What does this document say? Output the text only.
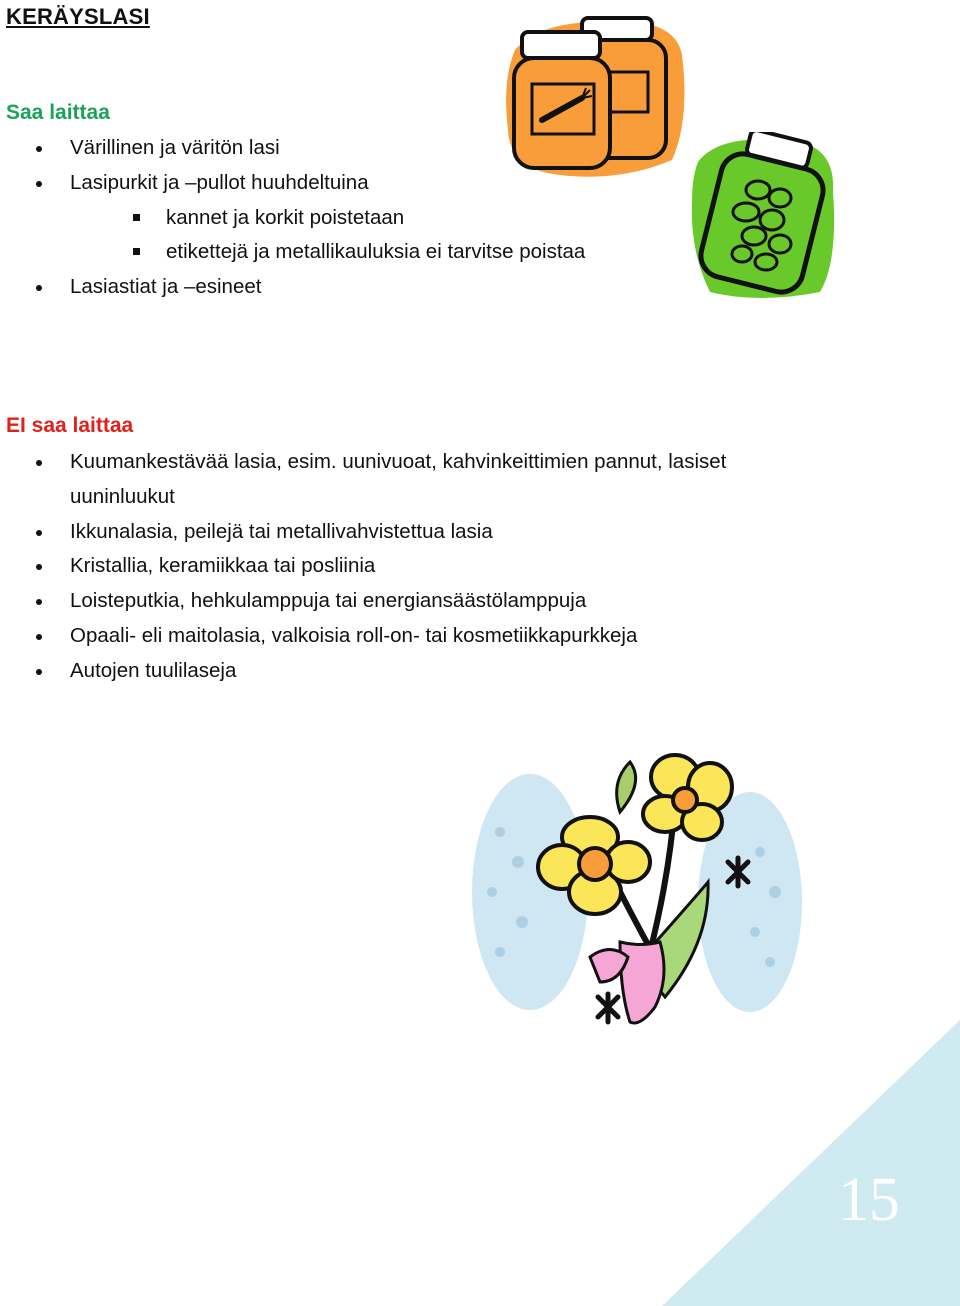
KERÄYSLASI
Saa laittaa
Värillinen ja väritön lasi
Lasipurkit ja –pullot huuhdeltuina
kannet ja korkit poistetaan
etikettejä ja metallikauluksia ei tarvitse poistaa
Lasiastiat ja –esineet
EI saa laittaa
Kuumankestävää lasia, esim. uunivuoat, kahvinkeittimien pannut, lasiset uuninluukut
Ikkunalasia, peilejä tai metallivahvistettua lasia
Kristallia, keramiikkaa tai posliinia
Loisteputkia, hehkulamppuja tai energiansäästölamppuja
Opaali- eli maitolasia, valkoisia roll-on- tai kosmetiikkapurkkeja
Autojen tuulilaseja
15
